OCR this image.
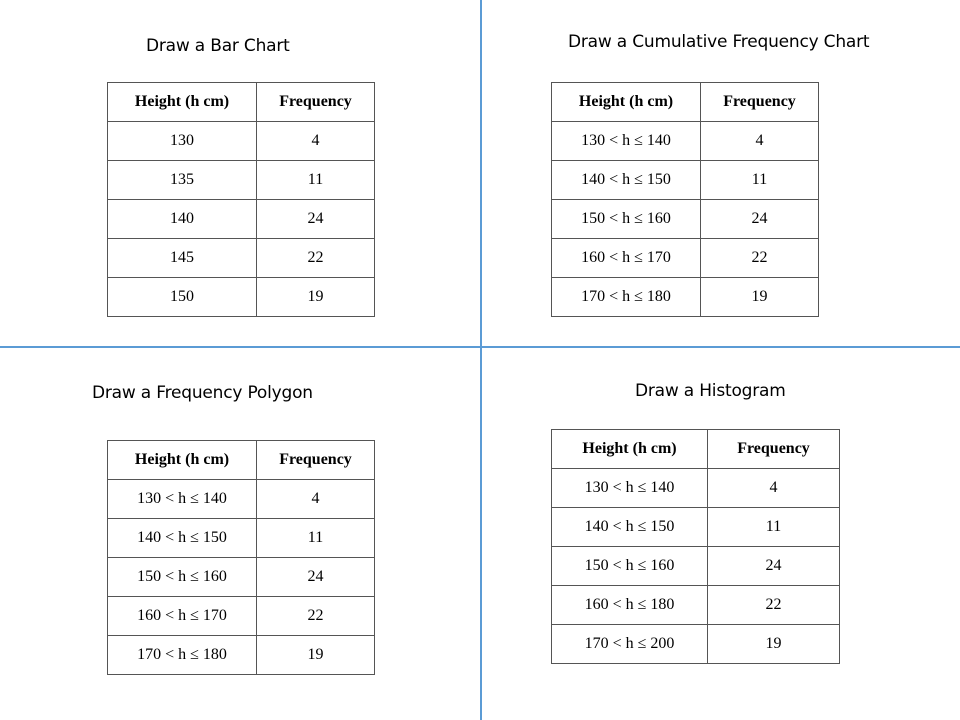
Draw a Bar Chart
Height (h cm)	Frequency
130	4
135	11
140	24
145	22
150	19
Draw a Cumulative Frequency Chart
Height (h cm)	Frequency
130 < h ≤ 140	4
140 < h ≤ 150	11
150 < h ≤ 160	24
160 < h ≤ 170	22
170 < h ≤ 180	19
Draw a Frequency Polygon
Height (h cm)	Frequency
130 < h ≤ 140	4
140 < h ≤ 150	11
150 < h ≤ 160	24
160 < h ≤ 170	22
170 < h ≤ 180	19
Draw a Histogram
Height (h cm)	Frequency
130 < h ≤ 140	4
140 < h ≤ 150	11
150 < h ≤ 160	24
160 < h ≤ 180	22
170 < h ≤ 200	19
